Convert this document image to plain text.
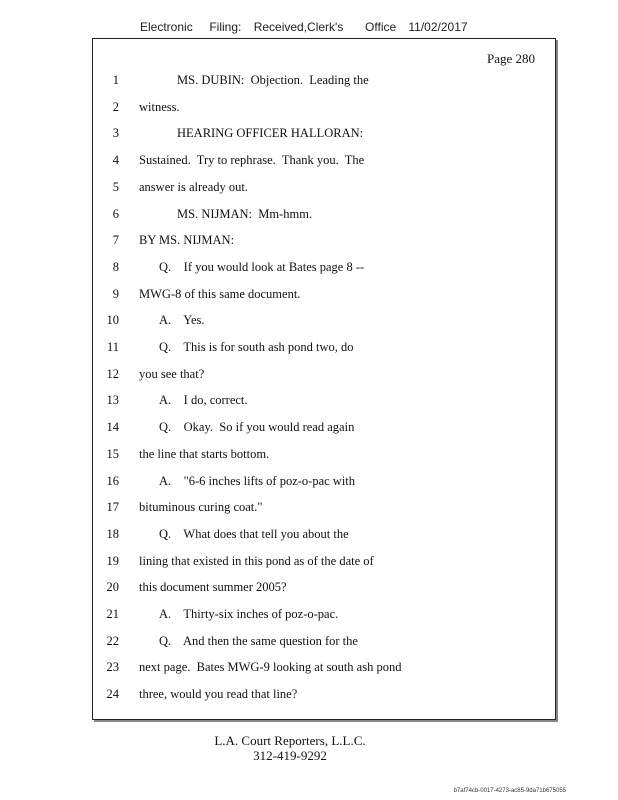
Electronic Filing: Received,Clerk's Office 11/02/2017
Page 280
1	MS. DUBIN:  Objection.  Leading the
2 witness.
3	HEARING OFFICER HALLORAN:
4 Sustained.  Try to rephrase.  Thank you.  The
5 answer is already out.
6	MS. NIJMAN:  Mm-hmm.
7 BY MS. NIJMAN:
8	Q.    If you would look at Bates page 8 --
9 MWG-8 of this same document.
10	A.    Yes.
11	Q.    This is for south ash pond two, do
12 you see that?
13	A.    I do, correct.
14	Q.    Okay.  So if you would read again
15 the line that starts bottom.
16	A.    "6-6 inches lifts of poz-o-pac with
17 bituminous curing coat."
18	Q.    What does that tell you about the
19 lining that existed in this pond as of the date of
20 this document summer 2005?
21	A.    Thirty-six inches of poz-o-pac.
22	Q.    And then the same question for the
23 next page.  Bates MWG-9 looking at south ash pond
24 three, would you read that line?
L.A. Court Reporters, L.L.C.
312-419-9292
b7af74cb-0017-4273-ac85-9da71b675055
